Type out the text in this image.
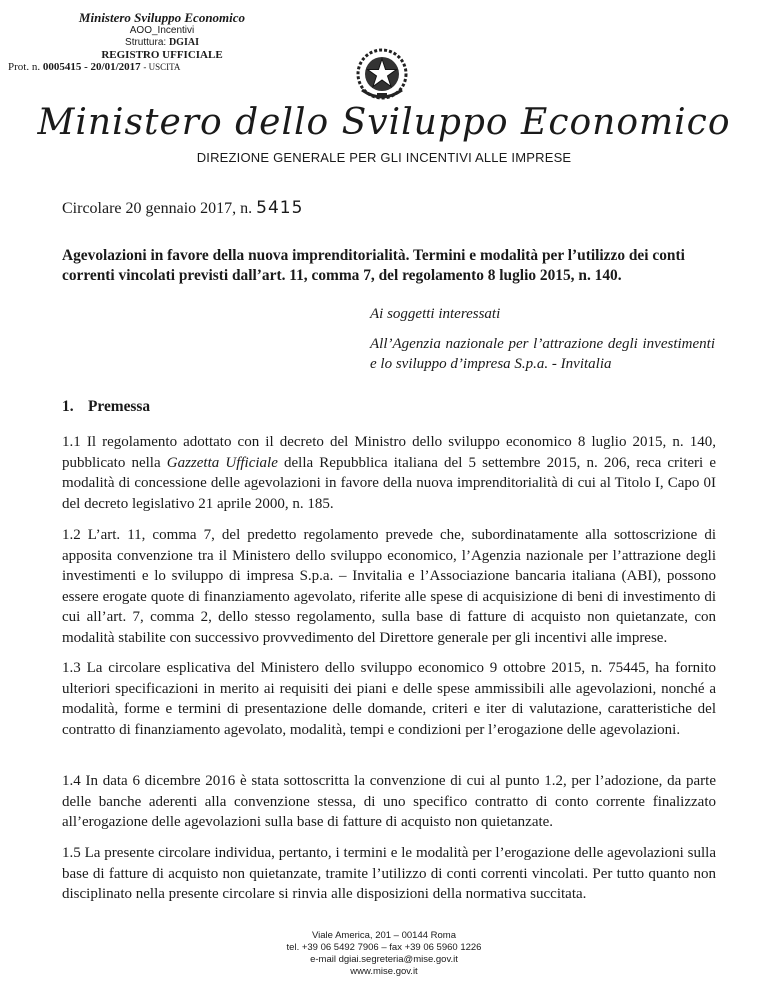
Ministero Sviluppo Economico
AOO_Incentivi
Struttura: DGIAI
REGISTRO UFFICIALE
Prot. n. 0005415 - 20/01/2017 - USCITA
Ministero dello Sviluppo Economico
DIREZIONE GENERALE PER GLI INCENTIVI ALLE IMPRESE
Circolare 20 gennaio 2017, n. 5415
Agevolazioni in favore della nuova imprenditorialità. Termini e modalità per l’utilizzo dei conti correnti vincolati previsti dall’art. 11, comma 7, del regolamento 8 luglio 2015, n. 140.
Ai soggetti interessati
All’Agenzia nazionale per l’attrazione degli investimenti e lo sviluppo d’impresa S.p.a. - Invitalia
1. Premessa
1.1 Il regolamento adottato con il decreto del Ministro dello sviluppo economico 8 luglio 2015, n. 140, pubblicato nella Gazzetta Ufficiale della Repubblica italiana del 5 settembre 2015, n. 206, reca criteri e modalità di concessione delle agevolazioni in favore della nuova imprenditorialità di cui al Titolo I, Capo 0I del decreto legislativo 21 aprile 2000, n. 185.
1.2 L’art. 11, comma 7, del predetto regolamento prevede che, subordinatamente alla sottoscrizione di apposita convenzione tra il Ministero dello sviluppo economico, l’Agenzia nazionale per l’attrazione degli investimenti e lo sviluppo di impresa S.p.a. – Invitalia e l’Associazione bancaria italiana (ABI), possono essere erogate quote di finanziamento agevolato, riferite alle spese di acquisizione di beni di investimento di cui all’art. 7, comma 2, dello stesso regolamento, sulla base di fatture di acquisto non quietanzate, con modalità stabilite con successivo provvedimento del Direttore generale per gli incentivi alle imprese.
1.3 La circolare esplicativa del Ministero dello sviluppo economico 9 ottobre 2015, n. 75445, ha fornito ulteriori specificazioni in merito ai requisiti dei piani e delle spese ammissibili alle agevolazioni, nonché a modalità, forme e termini di presentazione delle domande, criteri e iter di valutazione, caratteristiche del contratto di finanziamento agevolato, modalità, tempi e condizioni per l’erogazione delle agevolazioni.
1.4 In data 6 dicembre 2016 è stata sottoscritta la convenzione di cui al punto 1.2, per l’adozione, da parte delle banche aderenti alla convenzione stessa, di uno specifico contratto di conto corrente finalizzato all’erogazione delle agevolazioni sulla base di fatture di acquisto non quietanzate.
1.5 La presente circolare individua, pertanto, i termini e le modalità per l’erogazione delle agevolazioni sulla base di fatture di acquisto non quietanzate, tramite l’utilizzo di conti correnti vincolati. Per tutto quanto non disciplinato nella presente circolare si rinvia alle disposizioni della normativa succitata.
Viale America, 201 – 00144 Roma
tel. +39 06 5492 7906 – fax +39 06 5960 1226
e-mail dgiai.segreteria@mise.gov.it
www.mise.gov.it
